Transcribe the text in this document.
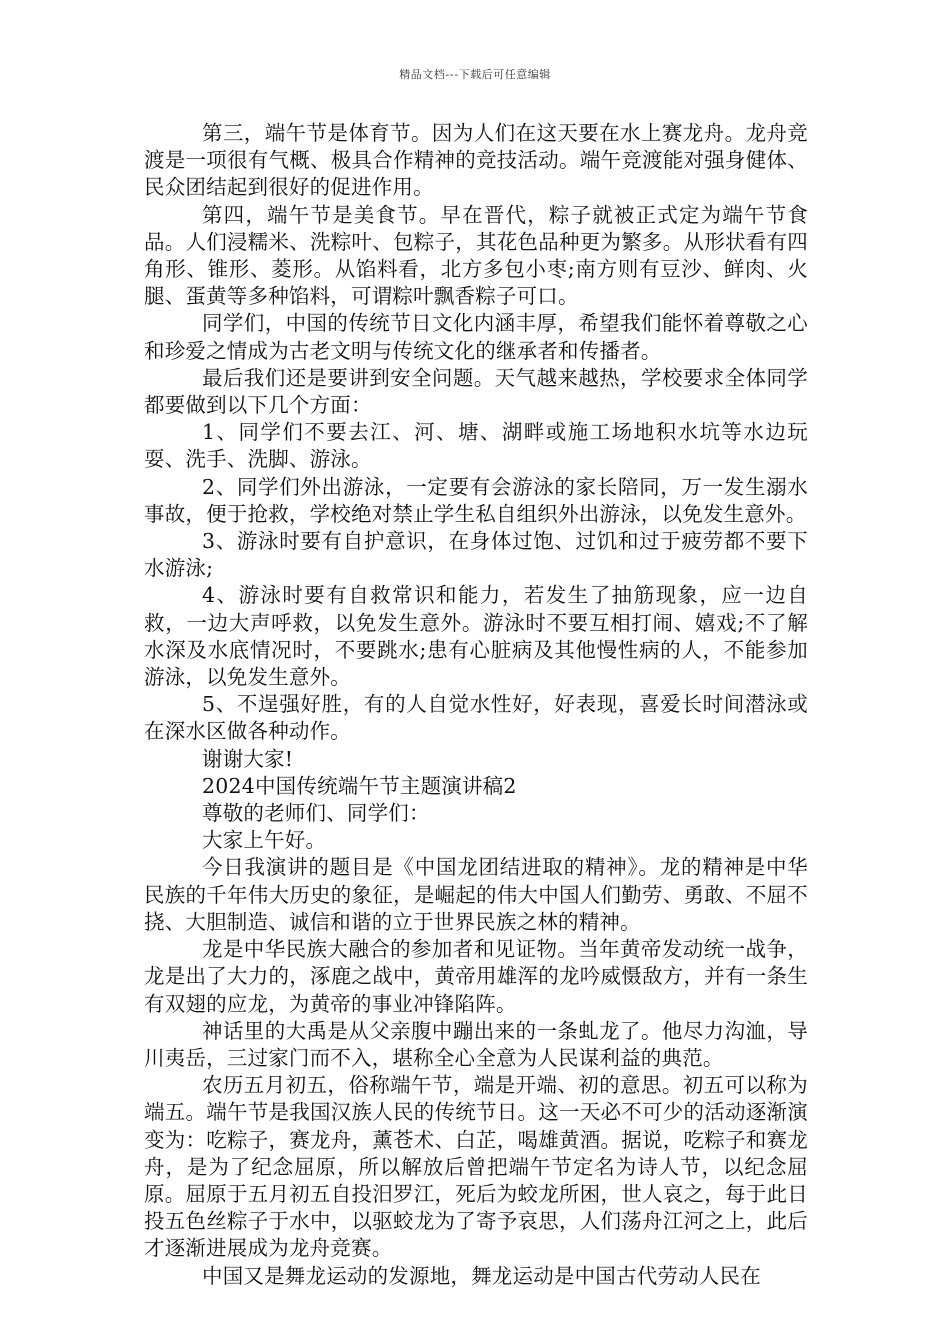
精品文档---下载后可任意编辑

第三，端午节是体育节。因为人们在这天要在水上赛龙舟。龙舟竞渡是一项很有气概、极具合作精神的竞技活动。端午竞渡能对强身健体、民众团结起到很好的促进作用。

第四，端午节是美食节。早在晋代，粽子就被正式定为端午节食品。人们浸糯米、洗粽叶、包粽子，其花色品种更为繁多。从形状看有四角形、锥形、菱形。从馅料看，北方多包小枣;南方则有豆沙、鲜肉、火腿、蛋黄等多种馅料，可谓粽叶飘香粽子可口。

同学们，中国的传统节日文化内涵丰厚，希望我们能怀着尊敬之心和珍爱之情成为古老文明与传统文化的继承者和传播者。

最后我们还是要讲到安全问题。天气越来越热，学校要求全体同学都要做到以下几个方面：

1、同学们不要去江、河、塘、湖畔或施工场地积水坑等水边玩耍、洗手、洗脚、游泳。

2、同学们外出游泳，一定要有会游泳的家长陪同，万一发生溺水事故，便于抢救，学校绝对禁止学生私自组织外出游泳，以免发生意外。

3、游泳时要有自护意识，在身体过饱、过饥和过于疲劳都不要下水游泳;

4、游泳时要有自救常识和能力，若发生了抽筋现象，应一边自救，一边大声呼救，以免发生意外。游泳时不要互相打闹、嬉戏;不了解水深及水底情况时，不要跳水;患有心脏病及其他慢性病的人，不能参加游泳，以免发生意外。

5、不逞强好胜，有的人自觉水性好，好表现，喜爱长时间潜泳或在深水区做各种动作。

谢谢大家!

2024中国传统端午节主题演讲稿2

尊敬的老师们、同学们：

大家上午好。

今日我演讲的题目是《中国龙团结进取的精神》。龙的精神是中华民族的千年伟大历史的象征，是崛起的伟大中国人们勤劳、勇敢、不屈不挠、大胆制造、诚信和谐的立于世界民族之林的精神。

龙是中华民族大融合的参加者和见证物。当年黄帝发动统一战争，龙是出了大力的，涿鹿之战中，黄帝用雄浑的龙吟威慑敌方，并有一条生有双翅的应龙，为黄帝的事业冲锋陷阵。

神话里的大禹是从父亲腹中蹦出来的一条虬龙了。他尽力沟洫，导川夷岳，三过家门而不入，堪称全心全意为人民谋利益的典范。

农历五月初五，俗称端午节，端是开端、初的意思。初五可以称为端五。端午节是我国汉族人民的传统节日。这一天必不可少的活动逐渐演变为：吃粽子，赛龙舟，薰苍术、白芷，喝雄黄酒。据说，吃粽子和赛龙舟，是为了纪念屈原，所以解放后曾把端午节定名为诗人节，以纪念屈原。屈原于五月初五自投汨罗江，死后为蛟龙所困，世人哀之，每于此日投五色丝粽子于水中，以驱蛟龙为了寄予哀思，人们荡舟江河之上，此后才逐渐进展成为龙舟竞赛。

中国又是舞龙运动的发源地，舞龙运动是中国古代劳动人民在
